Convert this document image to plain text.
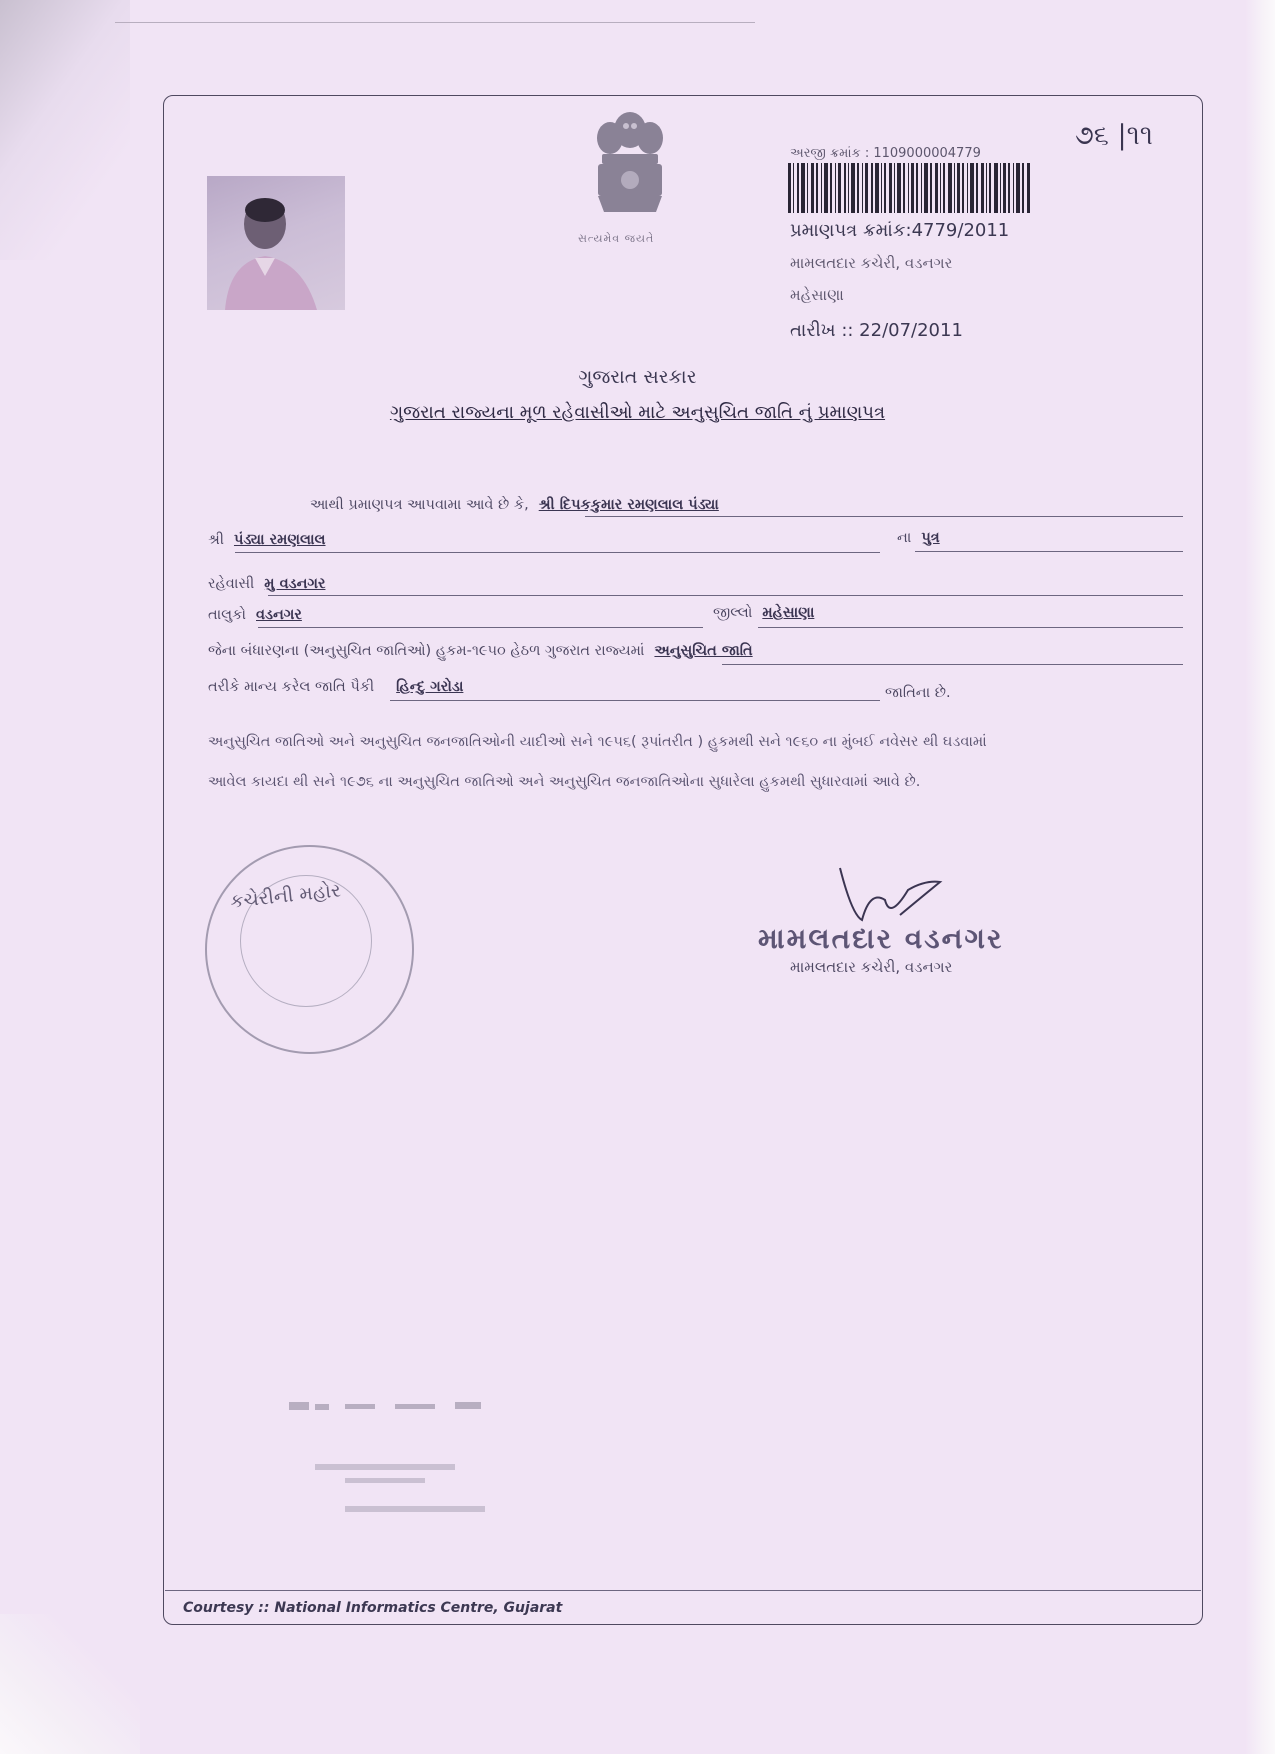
સત્યમેવ જયતે
અરજી ક્રમાંક : 1109000004779
પ્રમાણપત્ર ક્રમાંક:4779/2011
મામલતદાર કચેરી, વડનગર
મહેસાણા
તારીખ :: 22/07/2011
૭૬ |૧૧
ગુજરાત સરકાર
ગુજરાત રાજ્યના મૂળ રહેવાસીઓ માટે અનુસુચિત જાતિ નું પ્રમાણપત્ર
આથી પ્રમાણપત્ર આપવામા આવે છે કે, શ્રી દિપકકુમાર રમણલાલ પંડ્યા
શ્રી પંડ્યા રમણલાલ	ના પુત્ર
રહેવાસી મુ વડનગર
તાલુકો વડનગર	જીલ્લો મહેસાણા
જેના બંધારણના (અનુસુચિત જાતિઓ) હુકમ-૧૯૫૦ હેઠળ ગુજરાત રાજ્યમાં અનુસુચિત જાતિ
તરીકે માન્ય કરેલ જાતિ પૈકી હિન્દુ ગરોડા	જાતિના છે.
અનુસુચિત જાતિઓ અને અનુસુચિત જનજાતિઓની યાદીઓ સને ૧૯૫૬( રૂપાંતરીત ) હુકમથી સને ૧૯૬૦ ના મુંબઈ નવેસર થી ઘડવામાં
આવેલ કાયદા થી સને ૧૯૭૬ ના અનુસુચિત જાતિઓ અને અનુસુચિત જનજાતિઓના સુધારેલા હુકમથી સુધારવામાં આવે છે.
કચેરીની મહોર
મામલતદાર વડનગર
મામલતદાર કચેરી, વડનગર
Courtesy :: National Informatics Centre, Gujarat
